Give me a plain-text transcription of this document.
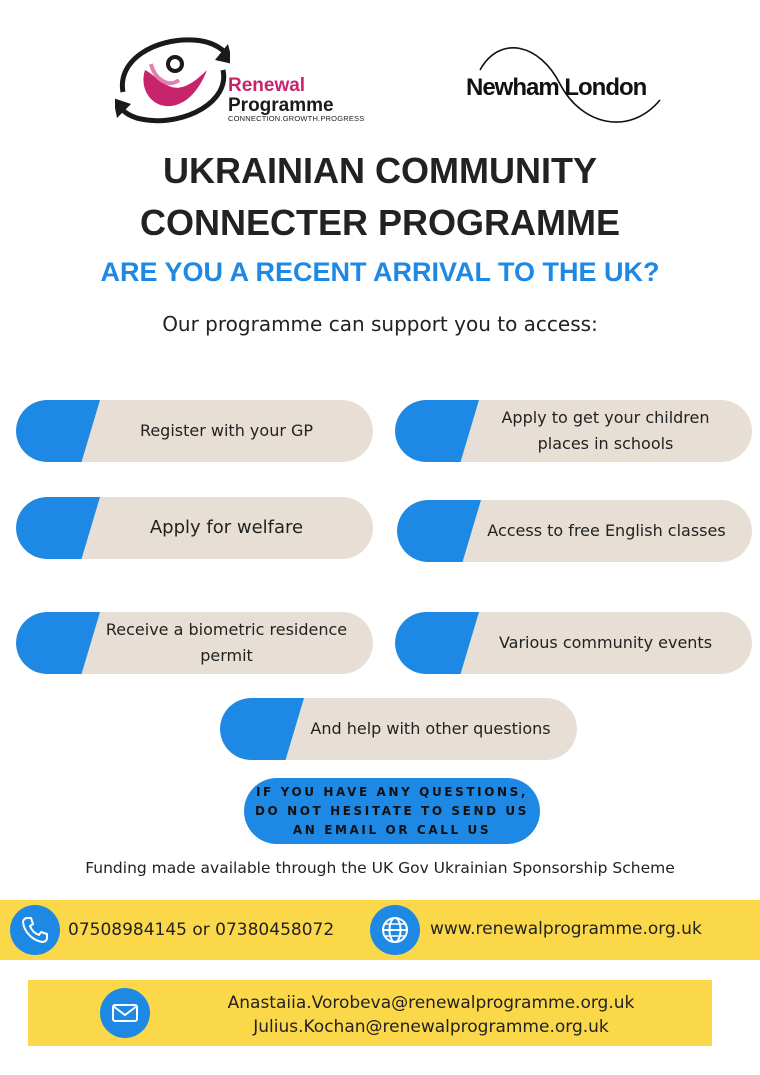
Renewal
Programme
CONNECTION.GROWTH.PROGRESS
Newham London
UKRAINIAN COMMUNITY
CONNECTER PROGRAMME
ARE YOU A RECENT ARRIVAL TO THE UK?
Our programme can support you to access:
Register with your GP
Apply to get your children places in schools
Apply for welfare	Access to free English classes
Receive a biometric residence permit
Various community events
And help with other questions
IF YOU HAVE ANY QUESTIONS, DO NOT HESITATE TO SEND US AN EMAIL OR CALL US
Funding made available through the UK Gov Ukrainian Sponsorship Scheme
07508984145 or 07380458072	www.renewalprogramme.org.uk
Anastaiia.Vorobeva@renewalprogramme.org.uk
Julius.Kochan@renewalprogramme.org.uk
